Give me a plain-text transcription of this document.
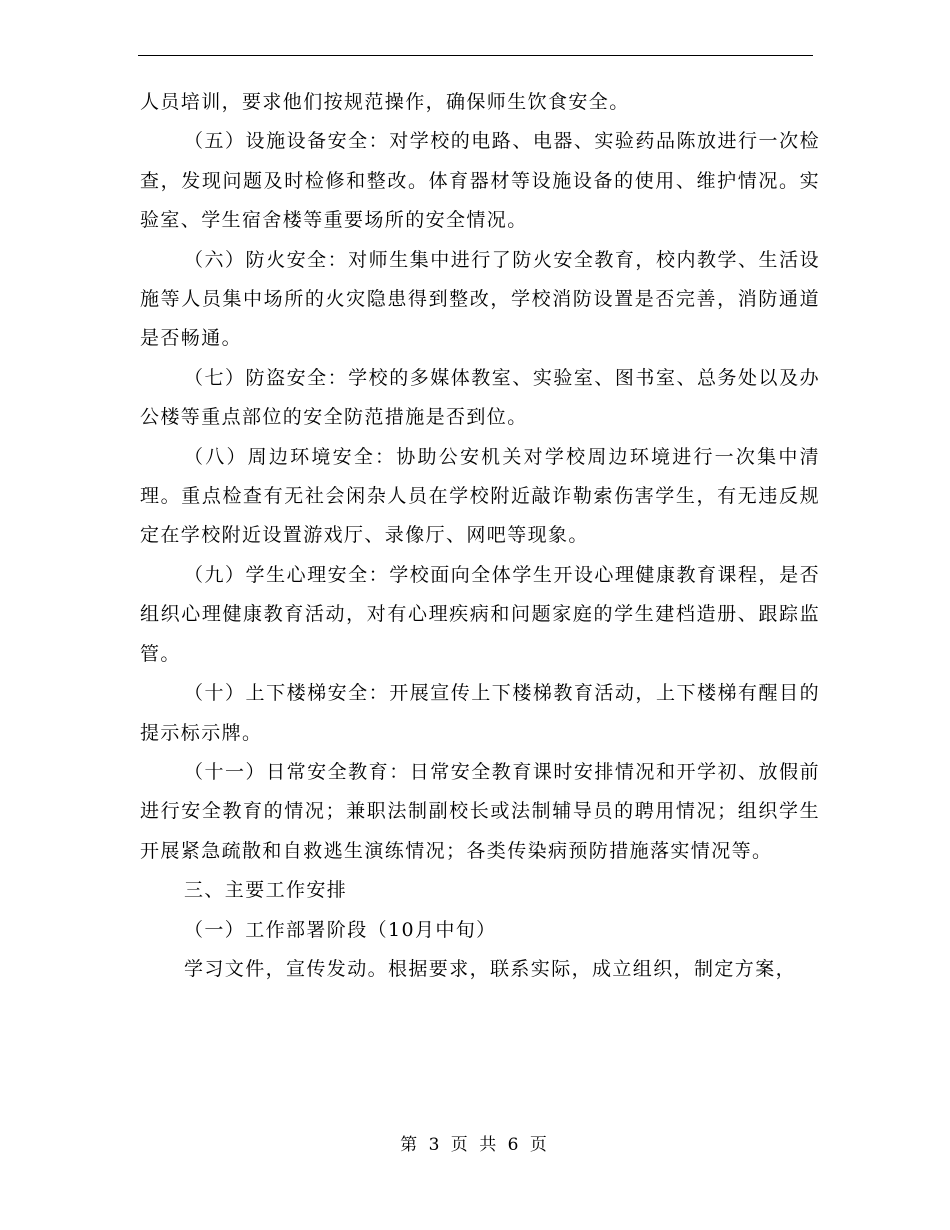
人员培训，要求他们按规范操作，确保师生饮食安全。

（五）设施设备安全：对学校的电路、电器、实验药品陈放进行一次检查，发现问题及时检修和整改。体育器材等设施设备的使用、维护情况。实验室、学生宿舍楼等重要场所的安全情况。

（六）防火安全：对师生集中进行了防火安全教育，校内教学、生活设施等人员集中场所的火灾隐患得到整改，学校消防设置是否完善，消防通道是否畅通。

（七）防盗安全：学校的多媒体教室、实验室、图书室、总务处以及办公楼等重点部位的安全防范措施是否到位。

（八）周边环境安全：协助公安机关对学校周边环境进行一次集中清理。重点检查有无社会闲杂人员在学校附近敲诈勒索伤害学生，有无违反规定在学校附近设置游戏厅、录像厅、网吧等现象。

（九）学生心理安全：学校面向全体学生开设心理健康教育课程，是否组织心理健康教育活动，对有心理疾病和问题家庭的学生建档造册、跟踪监管。

（十）上下楼梯安全：开展宣传上下楼梯教育活动，上下楼梯有醒目的提示标示牌。

（十一）日常安全教育：日常安全教育课时安排情况和开学初、放假前进行安全教育的情况；兼职法制副校长或法制辅导员的聘用情况；组织学生开展紧急疏散和自救逃生演练情况；各类传染病预防措施落实情况等。

三、主要工作安排

（一）工作部署阶段（10月中旬）

学习文件，宣传发动。根据要求，联系实际，成立组织，制定方案，

第 3 页 共 6 页
